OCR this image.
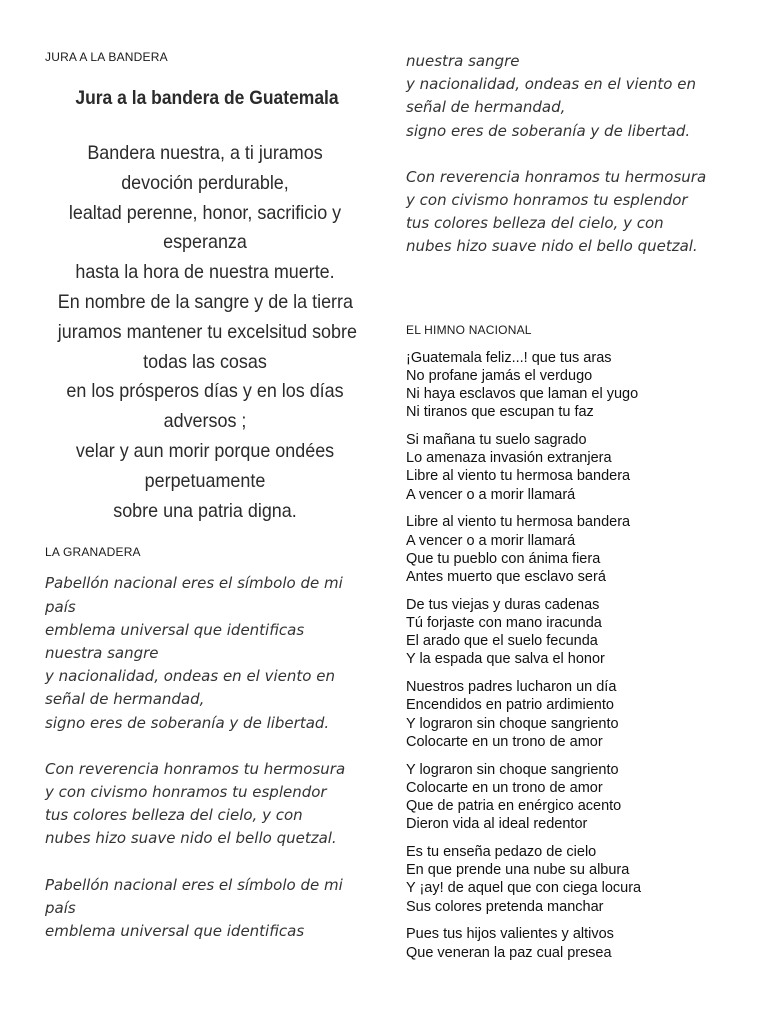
JURA A LA BANDERA
Jura a la bandera de Guatemala
Bandera nuestra, a ti juramos
devoción perdurable,
lealtad perenne, honor, sacrificio y
esperanza
hasta la hora de nuestra muerte.
En nombre de la sangre y de la tierra
juramos mantener tu excelsitud sobre
todas las cosas
en los prósperos días y en los días
adversos ;
velar y aun morir porque ondées
perpetuamente
sobre una patria digna.
LA GRANADERA
Pabellón nacional eres el símbolo de mi
país
emblema universal que identificas
nuestra sangre
y nacionalidad, ondeas en el viento en
señal de hermandad,
signo eres de soberanía y de libertad.
Con reverencia honramos tu hermosura
y con civismo honramos tu esplendor
tus colores belleza del cielo, y con
nubes hizo suave nido el bello quetzal.
Pabellón nacional eres el símbolo de mi
país
emblema universal que identificas
nuestra sangre
y nacionalidad, ondeas en el viento en
señal de hermandad,
signo eres de soberanía y de libertad.
Con reverencia honramos tu hermosura
y con civismo honramos tu esplendor
tus colores belleza del cielo, y con
nubes hizo suave nido el bello quetzal.
EL HIMNO NACIONAL
¡Guatemala feliz...! que tus aras
No profane jamás el verdugo
Ni haya esclavos que laman el yugo
Ni tiranos que escupan tu faz
Si mañana tu suelo sagrado
Lo amenaza invasión extranjera
Libre al viento tu hermosa bandera
A vencer o a morir llamará
Libre al viento tu hermosa bandera
A vencer o a morir llamará
Que tu pueblo con ánima fiera
Antes muerto que esclavo será
De tus viejas y duras cadenas
Tú forjaste con mano iracunda
El arado que el suelo fecunda
Y la espada que salva el honor
Nuestros padres lucharon un día
Encendidos en patrio ardimiento
Y lograron sin choque sangriento
Colocarte en un trono de amor
Y lograron sin choque sangriento
Colocarte en un trono de amor
Que de patria en enérgico acento
Dieron vida al ideal redentor
Es tu enseña pedazo de cielo
En que prende una nube su albura
Y ¡ay! de aquel que con ciega locura
Sus colores pretenda manchar
Pues tus hijos valientes y altivos
Que veneran la paz cual presea
